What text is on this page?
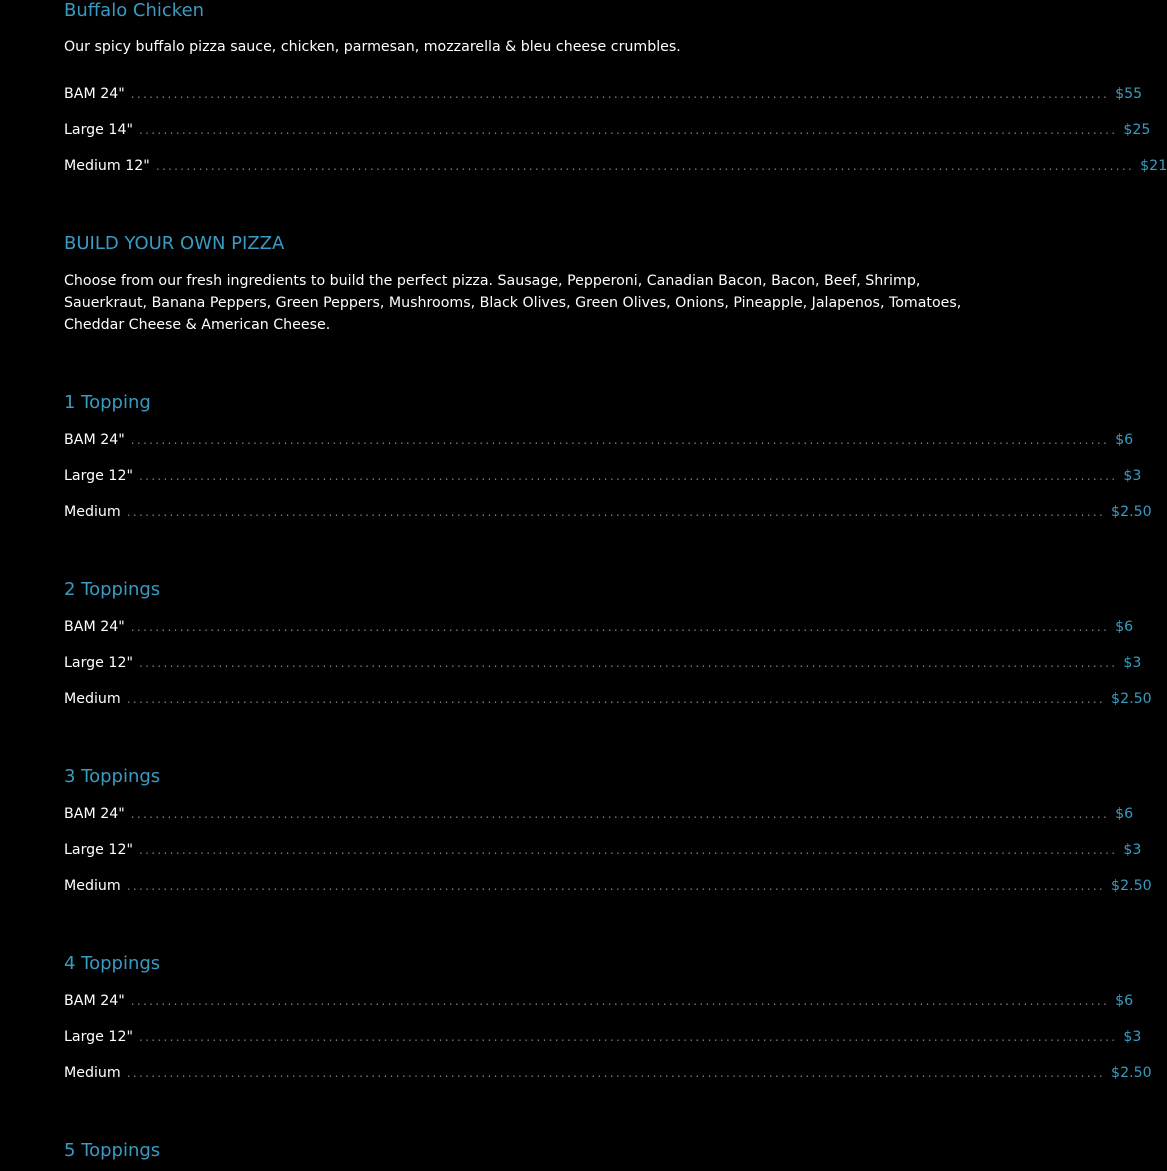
Buffalo Chicken
Our spicy buffalo pizza sauce, chicken, parmesan, mozzarella & bleu cheese crumbles.
BAM 24" ................................................................................................................................................................ $55
Large 14" ................................................................................................................................................................ $25
Medium 12" ................................................................................................................................................................ $21
BUILD YOUR OWN PIZZA
Choose from our fresh ingredients to build the perfect pizza. Sausage, Pepperoni, Canadian Bacon, Bacon, Beef, Shrimp, Sauerkraut, Banana Peppers, Green Peppers, Mushrooms, Black Olives, Green Olives, Onions, Pineapple, Jalapenos, Tomatoes, Cheddar Cheese & American Cheese.
1 Topping
BAM 24" ................................................................................................................................................................ $6
Large 12" ................................................................................................................................................................ $3
Medium ................................................................................................................................................................ $2.50
2 Toppings
BAM 24" ................................................................................................................................................................ $6
Large 12" ................................................................................................................................................................ $3
Medium ................................................................................................................................................................ $2.50
3 Toppings
BAM 24" ................................................................................................................................................................ $6
Large 12" ................................................................................................................................................................ $3
Medium ................................................................................................................................................................ $2.50
4 Toppings
BAM 24" ................................................................................................................................................................ $6
Large 12" ................................................................................................................................................................ $3
Medium ................................................................................................................................................................ $2.50
5 Toppings
